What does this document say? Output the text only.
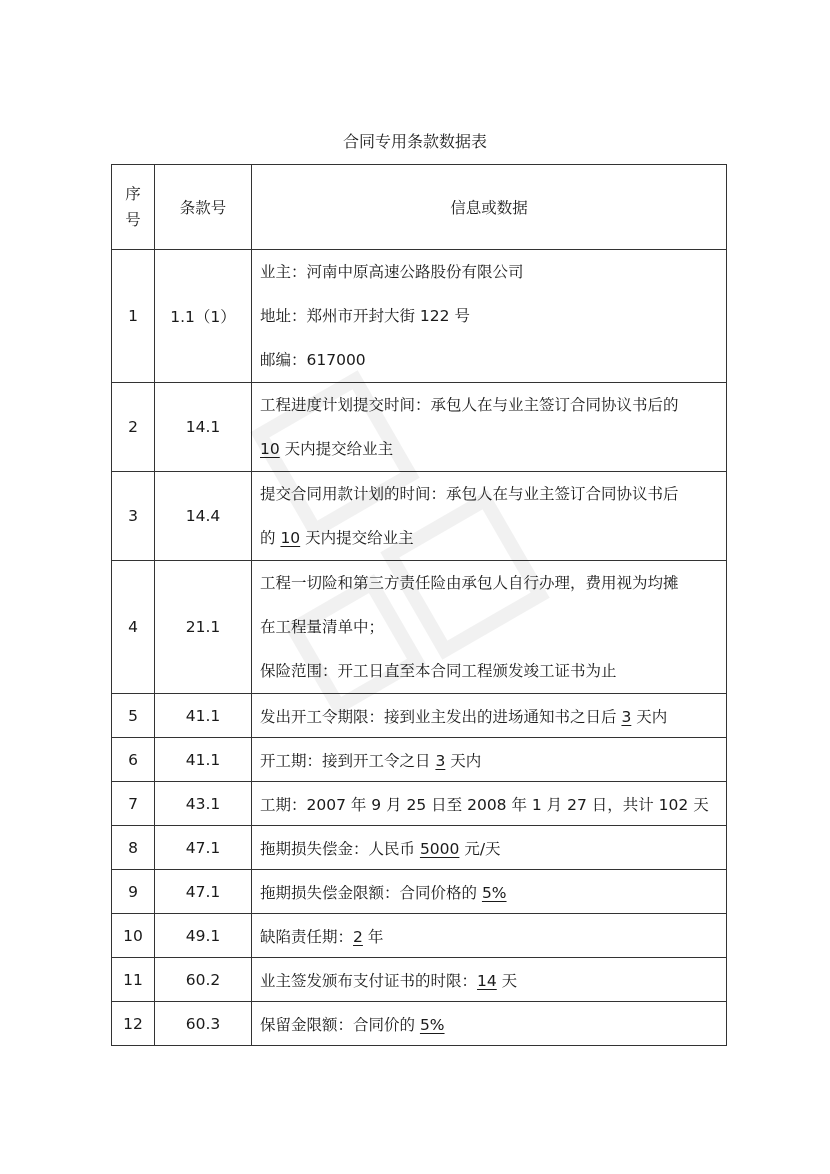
合同专用条款数据表
序
号	条款号	信息或数据
1	1.1（1）	业主：河南中原高速公路股份有限公司
地址：郑州市开封大街 122 号
邮编：617000

2	14.1	工程进度计划提交时间：承包人在与业主签订合同协议书后的
10 天内提交给业主

3	14.4	提交合同用款计划的时间：承包人在与业主签订合同协议书后
的 10 天内提交给业主

4	21.1	工程一切险和第三方责任险由承包人自行办理，费用视为均摊
在工程量清单中；
保险范围：开工日直至本合同工程颁发竣工证书为止

5	41.1	发出开工令期限：接到业主发出的进场通知书之日后 3 天内
6	41.1	开工期：接到开工令之日 3 天内
7	43.1	工期：2007 年 9 月 25 日至 2008 年 1 月 27 日，共计 102 天
8	47.1	拖期损失偿金：人民币 5000 元/天
9	47.1	拖期损失偿金限额：合同价格的 5%
10	49.1	缺陷责任期：2 年
11	60.2	业主签发颁布支付证书的时限：14 天
12	60.3	保留金限额：合同价的 5%
